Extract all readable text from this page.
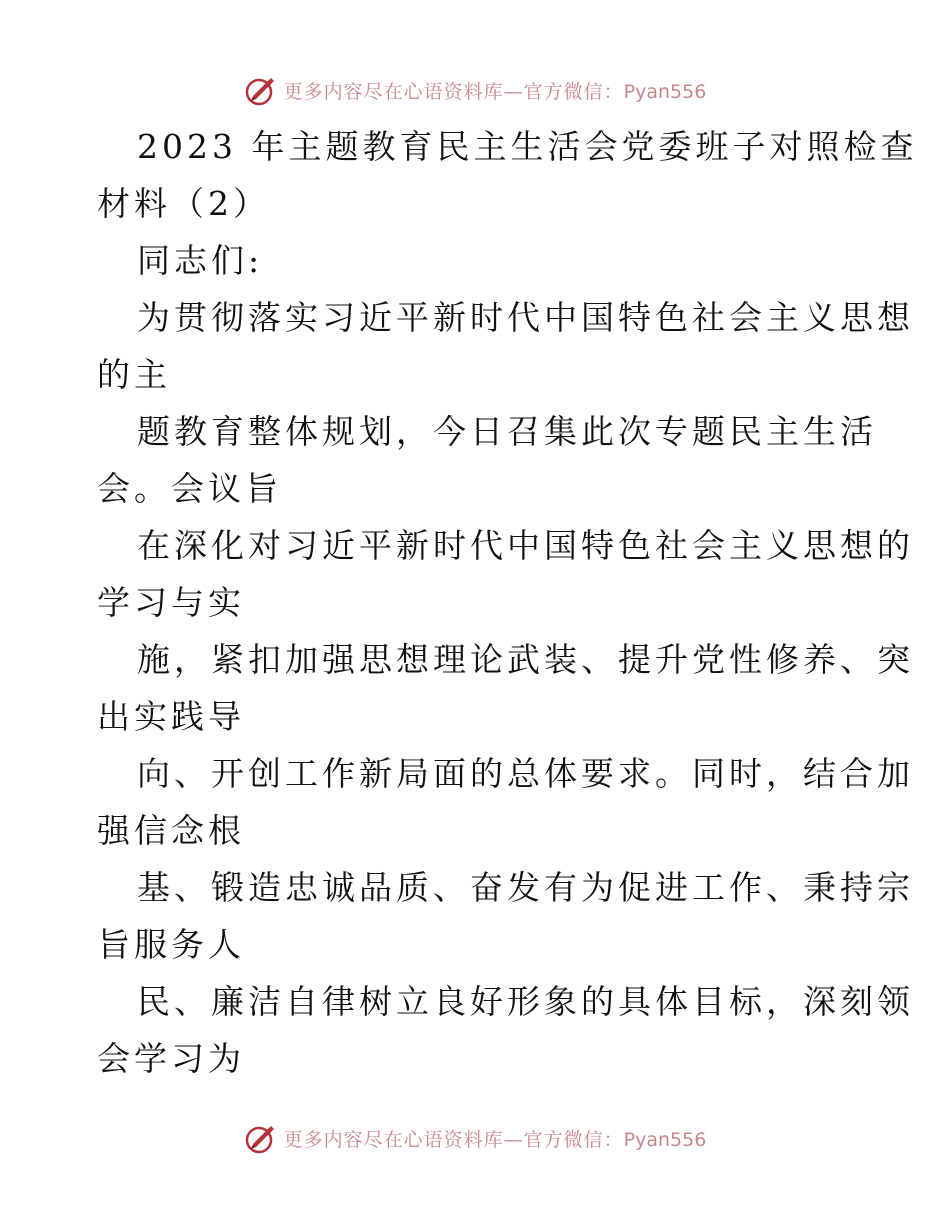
更多内容尽在心语资料库—官方微信：Pyan556
2023 年主题教育民主生活会党委班子对照检查
材料（2）
同志们:
为贯彻落实习近平新时代中国特色社会主义思想
的主
题教育整体规划，今日召集此次专题民主生活
会。会议旨
在深化对习近平新时代中国特色社会主义思想的
学习与实
施，紧扣加强思想理论武装、提升党性修养、突
出实践导
向、开创工作新局面的总体要求。同时，结合加
强信念根
基、锻造忠诚品质、奋发有为促进工作、秉持宗
旨服务人
民、廉洁自律树立良好形象的具体目标，深刻领
会学习为
更多内容尽在心语资料库—官方微信：Pyan556
